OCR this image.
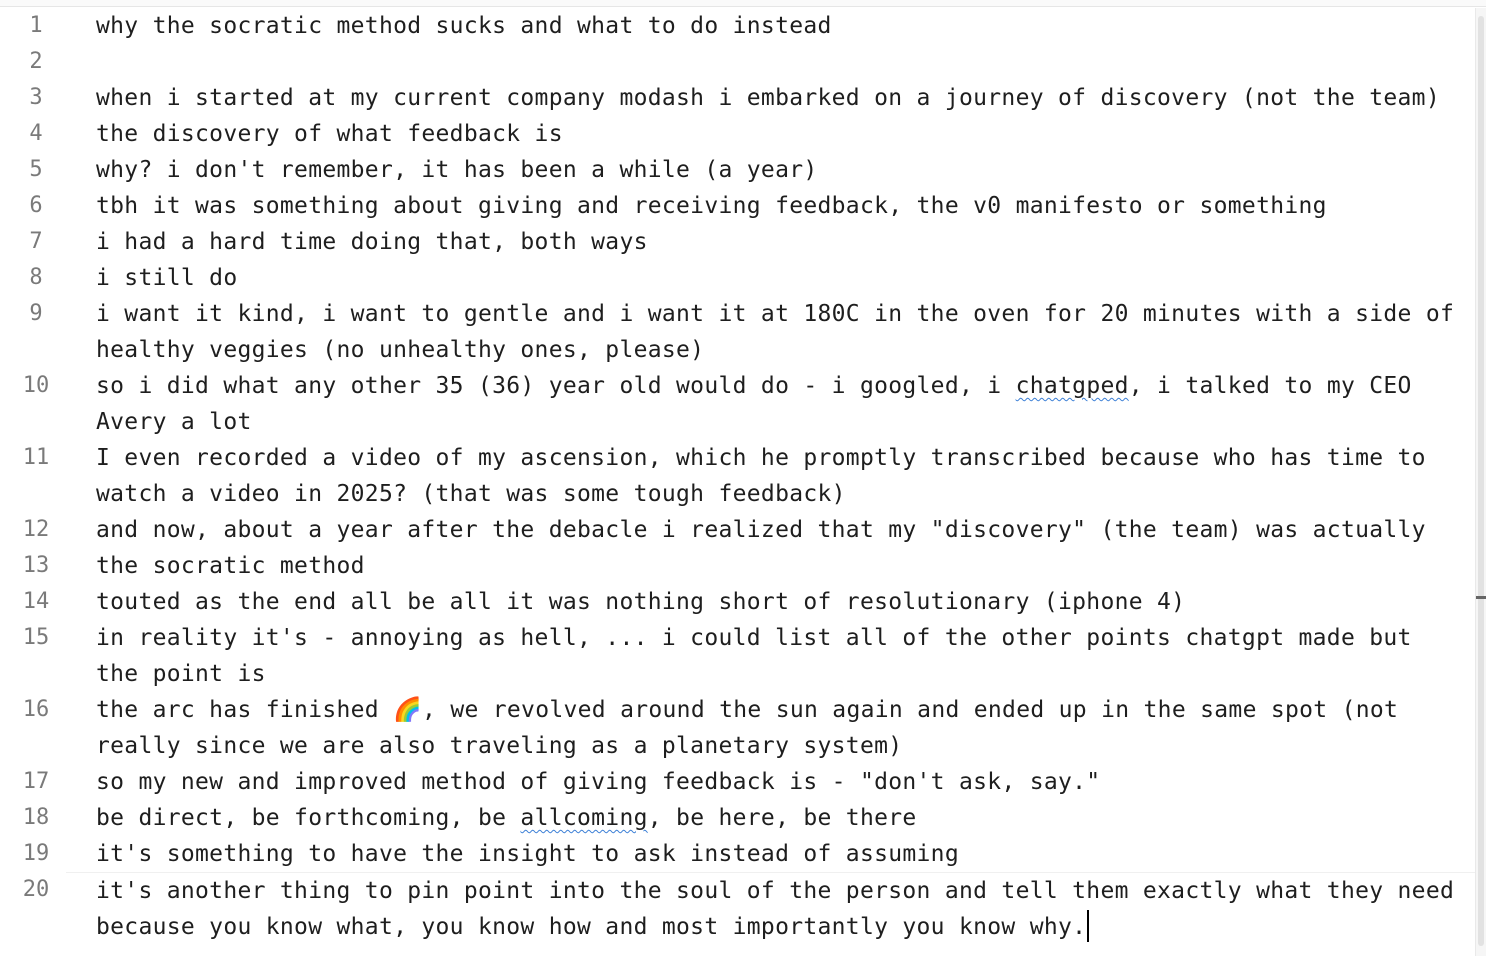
1	why the socratic method sucks and what to do instead
2
3	when i started at my current company modash i embarked on a journey of discovery (not the team)
4	the discovery of what feedback is
5	why? i don't remember, it has been a while (a year)
6	tbh it was something about giving and receiving feedback, the v0 manifesto or something
7	i had a hard time doing that, both ways
8	i still do
9	i want it kind, i want to gentle and i want it at 180C in the oven for 20 minutes with a side of healthy veggies (no unhealthy ones, please)
10	so i did what any other 35 (36) year old would do - i googled, i chatgped, i talked to my CEO Avery a lot
11	I even recorded a video of my ascension, which he promptly transcribed because who has time to watch a video in 2025? (that was some tough feedback)
12	and now, about a year after the debacle i realized that my "discovery" (the team) was actually
13	the socratic method
14	touted as the end all be all it was nothing short of resolutionary (iphone 4)
15	in reality it's - annoying as hell, ... i could list all of the other points chatgpt made but the point is
16	the arc has finished 🌈, we revolved around the sun again and ended up in the same spot (not really since we are also traveling as a planetary system)
17	so my new and improved method of giving feedback is - "don't ask, say."
18	be direct, be forthcoming, be allcoming, be here, be there
19	it's something to have the insight to ask instead of assuming
20	it's another thing to pin point into the soul of the person and tell them exactly what they need because you know what, you know how and most importantly you know why.
